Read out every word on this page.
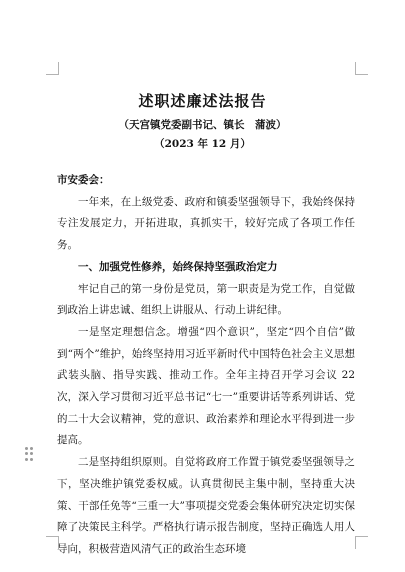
述职述廉述法报告
（天宫镇党委副书记、镇长　蒲波）
（2023 年 12 月）

市安委会：

一年来，在上级党委、政府和镇委坚强领导下，我始终保持专注发展定力，开拓进取，真抓实干，较好完成了各项工作任务。

一、加强党性修养，始终保持坚强政治定力

牢记自己的第一身份是党员，第一职责是为党工作，自觉做到政治上讲忠诚、组织上讲服从、行动上讲纪律。

一是坚定理想信念。增强“四个意识”，坚定“四个自信”做到“两个”维护，始终坚持用习近平新时代中国特色社会主义思想武装头脑、指导实践、推动工作。全年主持召开学习会议 22 次，深入学习贯彻习近平总书记“七一”重要讲话等系列讲话、党的二十大会议精神，党的意识、政治素养和理论水平得到进一步提高。

二是坚持组织原则。自觉将政府工作置于镇党委坚强领导之下，坚决维护镇党委权威。认真贯彻民主集中制，坚持重大决策、干部任免等“三重一大”事项提交党委会集体研究决定切实保障了决策民主科学。严格执行请示报告制度，坚持正确选人用人导向，积极营造风清气正的政治生态环境
